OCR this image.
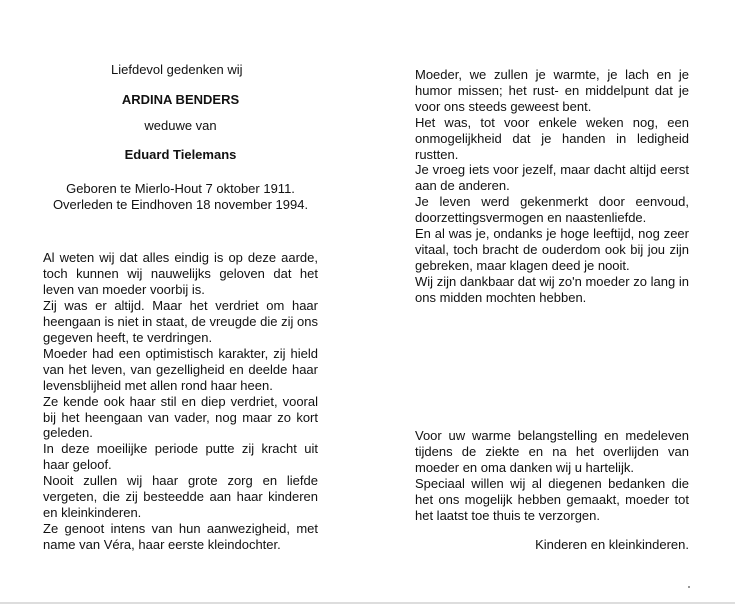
Liefdevol gedenken wij
ARDINA BENDERS
weduwe van
Eduard Tielemans
Geboren te Mierlo-Hout 7 oktober 1911.
Overleden te Eindhoven 18 november 1994.

Al weten wij dat alles eindig is op deze aarde, toch kunnen wij nauwelijks geloven dat het leven van moeder voorbij is.

Zij was er altijd. Maar het verdriet om haar heengaan is niet in staat, de vreugde die zij ons gegeven heeft, te verdringen.

Moeder had een optimistisch karakter, zij hield van het leven, van gezelligheid en deelde haar levensblijheid met allen rond haar heen.

Ze kende ook haar stil en diep verdriet, vooral bij het heengaan van vader, nog maar zo kort geleden.

In deze moeilijke periode putte zij kracht uit haar geloof.

Nooit zullen wij haar grote zorg en liefde vergeten, die zij besteedde aan haar kinderen en kleinkinderen.

Ze genoot intens van hun aanwezigheid, met name van Véra, haar eerste kleindochter.

Moeder, we zullen je warmte, je lach en je humor missen; het rust- en middelpunt dat je voor ons steeds geweest bent.

Het was, tot voor enkele weken nog, een onmogelijkheid dat je handen in ledigheid rustten.

Je vroeg iets voor jezelf, maar dacht altijd eerst aan de anderen.

Je leven werd gekenmerkt door eenvoud, doorzettingsvermogen en naastenliefde.

En al was je, ondanks je hoge leeftijd, nog zeer vitaal, toch bracht de ouderdom ook bij jou zijn gebreken, maar klagen deed je nooit.

Wij zijn dankbaar dat wij zo'n moeder zo lang in ons midden mochten hebben.

Voor uw warme belangstelling en medeleven tijdens de ziekte en na het overlijden van moeder en oma danken wij u hartelijk.

Speciaal willen wij al diegenen bedanken die het ons mogelijk hebben gemaakt, moeder tot het laatst toe thuis te verzorgen.

Kinderen en kleinkinderen.
